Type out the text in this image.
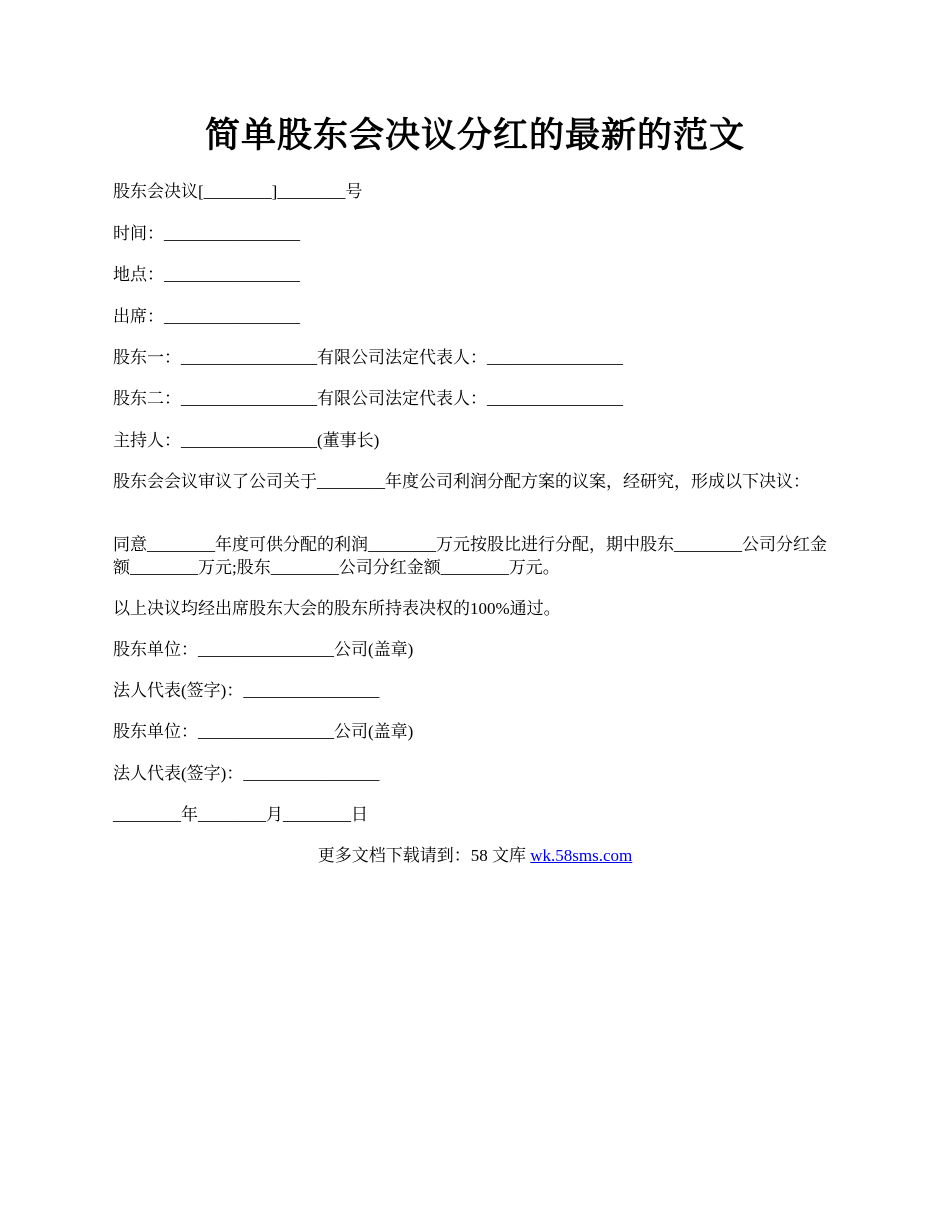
简单股东会决议分红的最新的范文
股东会决议[________]________号
时间：________________
地点：________________
出席：________________
股东一：________________有限公司法定代表人：________________
股东二：________________有限公司法定代表人：________________
主持人：________________(董事长)
股东会会议审议了公司关于________年度公司利润分配方案的议案，经研究，形成以下决议：
同意________年度可供分配的利润________万元按股比进行分配，期中股东________公司分红金额________万元;股东________公司分红金额________万元。
以上决议均经出席股东大会的股东所持表决权的100%通过。
股东单位：________________公司(盖章)
法人代表(签字)：________________
股东单位：________________公司(盖章)
法人代表(签字)：________________
________年________月________日
更多文档下载请到：58 文库 wk.58sms.com
